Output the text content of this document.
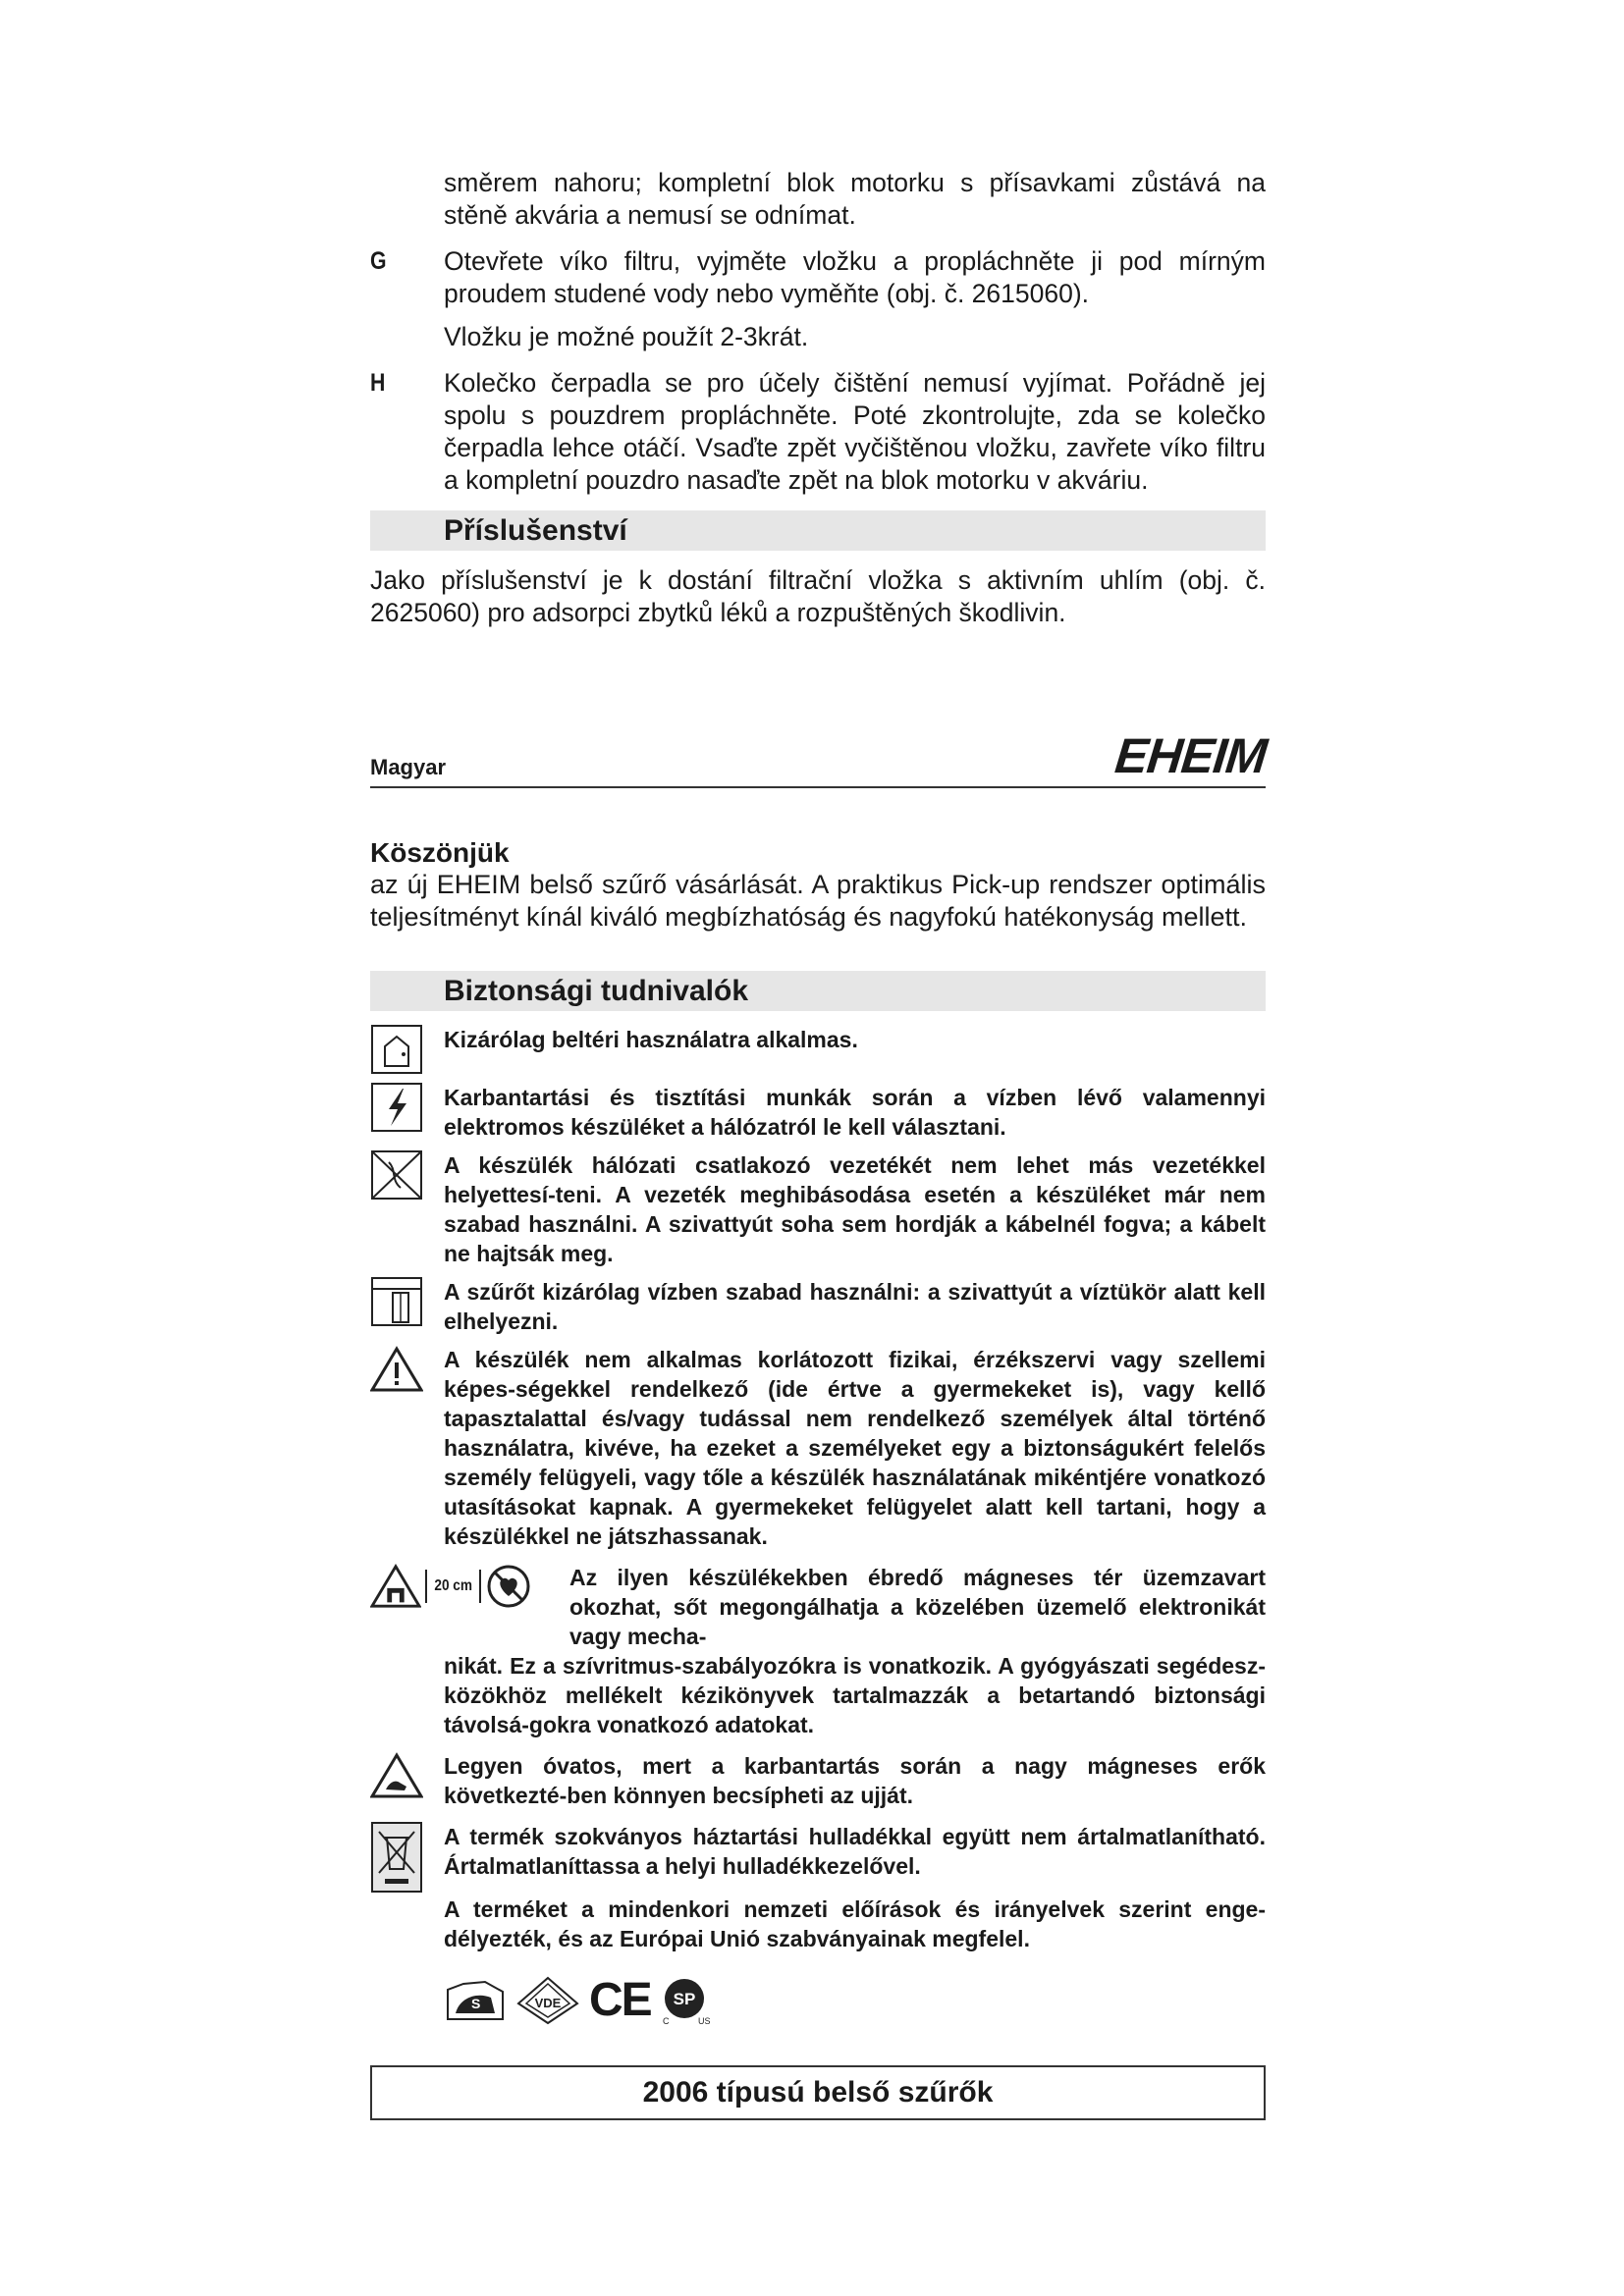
směrem nahoru; kompletní blok motorku s přísavkami zůstává na stěně akvária a nemusí se odnímat.
G	Otevřete víko filtru, vyjměte vložku a propláchněte ji pod mírným proudem studené vody nebo vyměňte (obj. č. 2615060).
Vložku je možné použít 2-3krát.
H	Kolečko čerpadla se pro účely čištění nemusí vyjímat. Pořádně jej spolu s pouzdrem propláchněte. Poté zkontrolujte, zda se kolečko čerpadla lehce otáčí. Vsaďte zpět vyčištěnou vložku, zavřete víko filtru a kompletní pouzdro nasaďte zpět na blok motorku v akváriu.
Příslušenství
Jako příslušenství je k dostání filtrační vložka s aktivním uhlím (obj. č. 2625060) pro adsorpci zbytků léků a rozpuštěných škodlivin.
Magyar	EHEIM
Köszönjük
az új EHEIM belső szűrő vásárlását. A praktikus Pick-up rendszer optimális teljesítményt kínál kiváló megbízhatóság és nagyfokú hatékonyság mellett.
Biztonsági tudnivalók
Kizárólag beltéri használatra alkalmas.
Karbantartási és tisztítási munkák során a vízben lévő valamennyi elektromos készüléket a hálózatról le kell választani.
A készülék hálózati csatlakozó vezetékét nem lehet más vezetékkel helyettesí-teni. A vezeték meghibásodása esetén a készüléket már nem szabad használni. A szivattyút soha sem hordják a kábelnél fogva; a kábelt ne hajtsák meg.
A szűrőt kizárólag vízben szabad használni: a szivattyút a víztükör alatt kell elhelyezni.
A készülék nem alkalmas korlátozott fizikai, érzékszervi vagy szellemi képes-ségekkel rendelkező (ide értve a gyermekeket is), vagy kellő tapasztalattal és/vagy tudással nem rendelkező személyek által történő használatra, kivéve, ha ezeket a személyeket egy a biztonságukért felelős személy felügyeli, vagy tőle a készülék használatának mikéntjére vonatkozó utasításokat kapnak. A gyermekeket felügyelet alatt kell tartani, hogy a készülékkel ne játszhassanak.
20 cm	Az ilyen készülékekben ébredő mágneses tér üzemzavart okozhat, sőt megongálhatja a közelében üzemelő elektronikát vagy mecha-
nikát. Ez a szívritmus-szabályozókra is vonatkozik. A gyógyászati segédesz-közökhöz mellékelt kézikönyvek tartalmazzák a betartandó biztonsági távolsá-gokra vonatkozó adatokat.
Legyen óvatos, mert a karbantartás során a nagy mágneses erők következté-ben könnyen becsípheti az ujját.
A termék szokványos háztartási hulladékkal együtt nem ártalmatlanítható. Ártalmatlaníttassa a helyi hulladékkezelővel.
A terméket a mindenkori nemzeti előírások és irányelvek szerint enge-délyezték, és az Európai Unió szabványainak megfelel.
S	VDE CE SP
C	US
2006 típusú belső szűrők
